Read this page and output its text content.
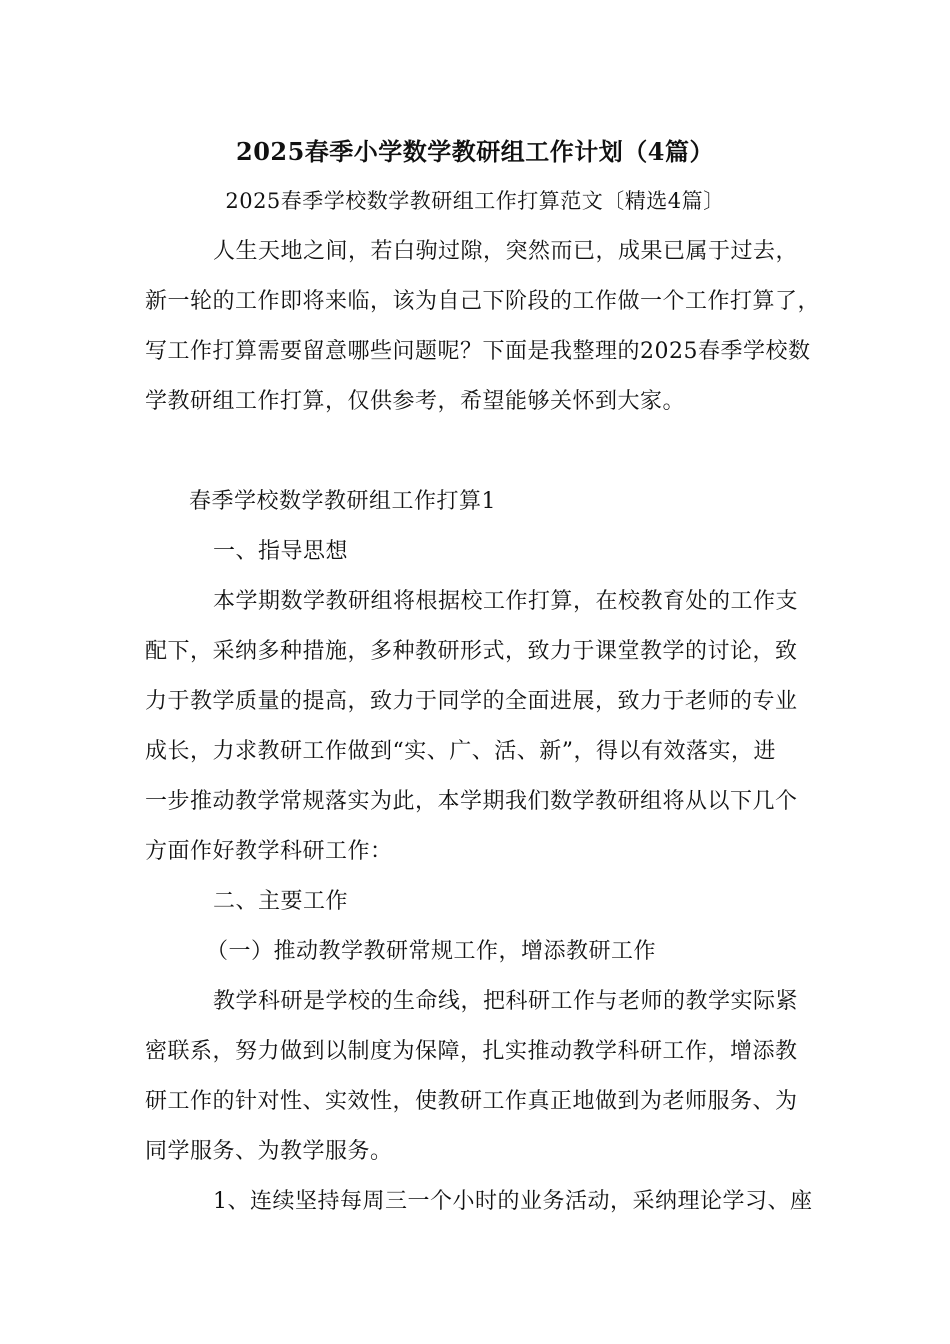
2025春季小学数学教研组工作计划（4篇）
2025春季学校数学教研组工作打算范文〔精选4篇〕
人生天地之间，若白驹过隙，突然而已，成果已属于过去，
新一轮的工作即将来临，该为自己下阶段的工作做一个工作打算了，
写工作打算需要留意哪些问题呢？下面是我整理的2025春季学校数
学教研组工作打算，仅供参考，希望能够关怀到大家。
春季学校数学教研组工作打算1
一、指导思想
本学期数学教研组将根据校工作打算，在校教育处的工作支
配下，采纳多种措施，多种教研形式，致力于课堂教学的讨论，致
力于教学质量的提高，致力于同学的全面进展，致力于老师的专业
成长，力求教研工作做到“实、广、活、新”，得以有效落实，进
一步推动教学常规落实为此，本学期我们数学教研组将从以下几个
方面作好教学科研工作：
二、主要工作
（一）推动教学教研常规工作，增添教研工作
教学科研是学校的生命线，把科研工作与老师的教学实际紧
密联系，努力做到以制度为保障，扎实推动教学科研工作，增添教
研工作的针对性、实效性，使教研工作真正地做到为老师服务、为
同学服务、为教学服务。
1、连续坚持每周三一个小时的业务活动，采纳理论学习、座
